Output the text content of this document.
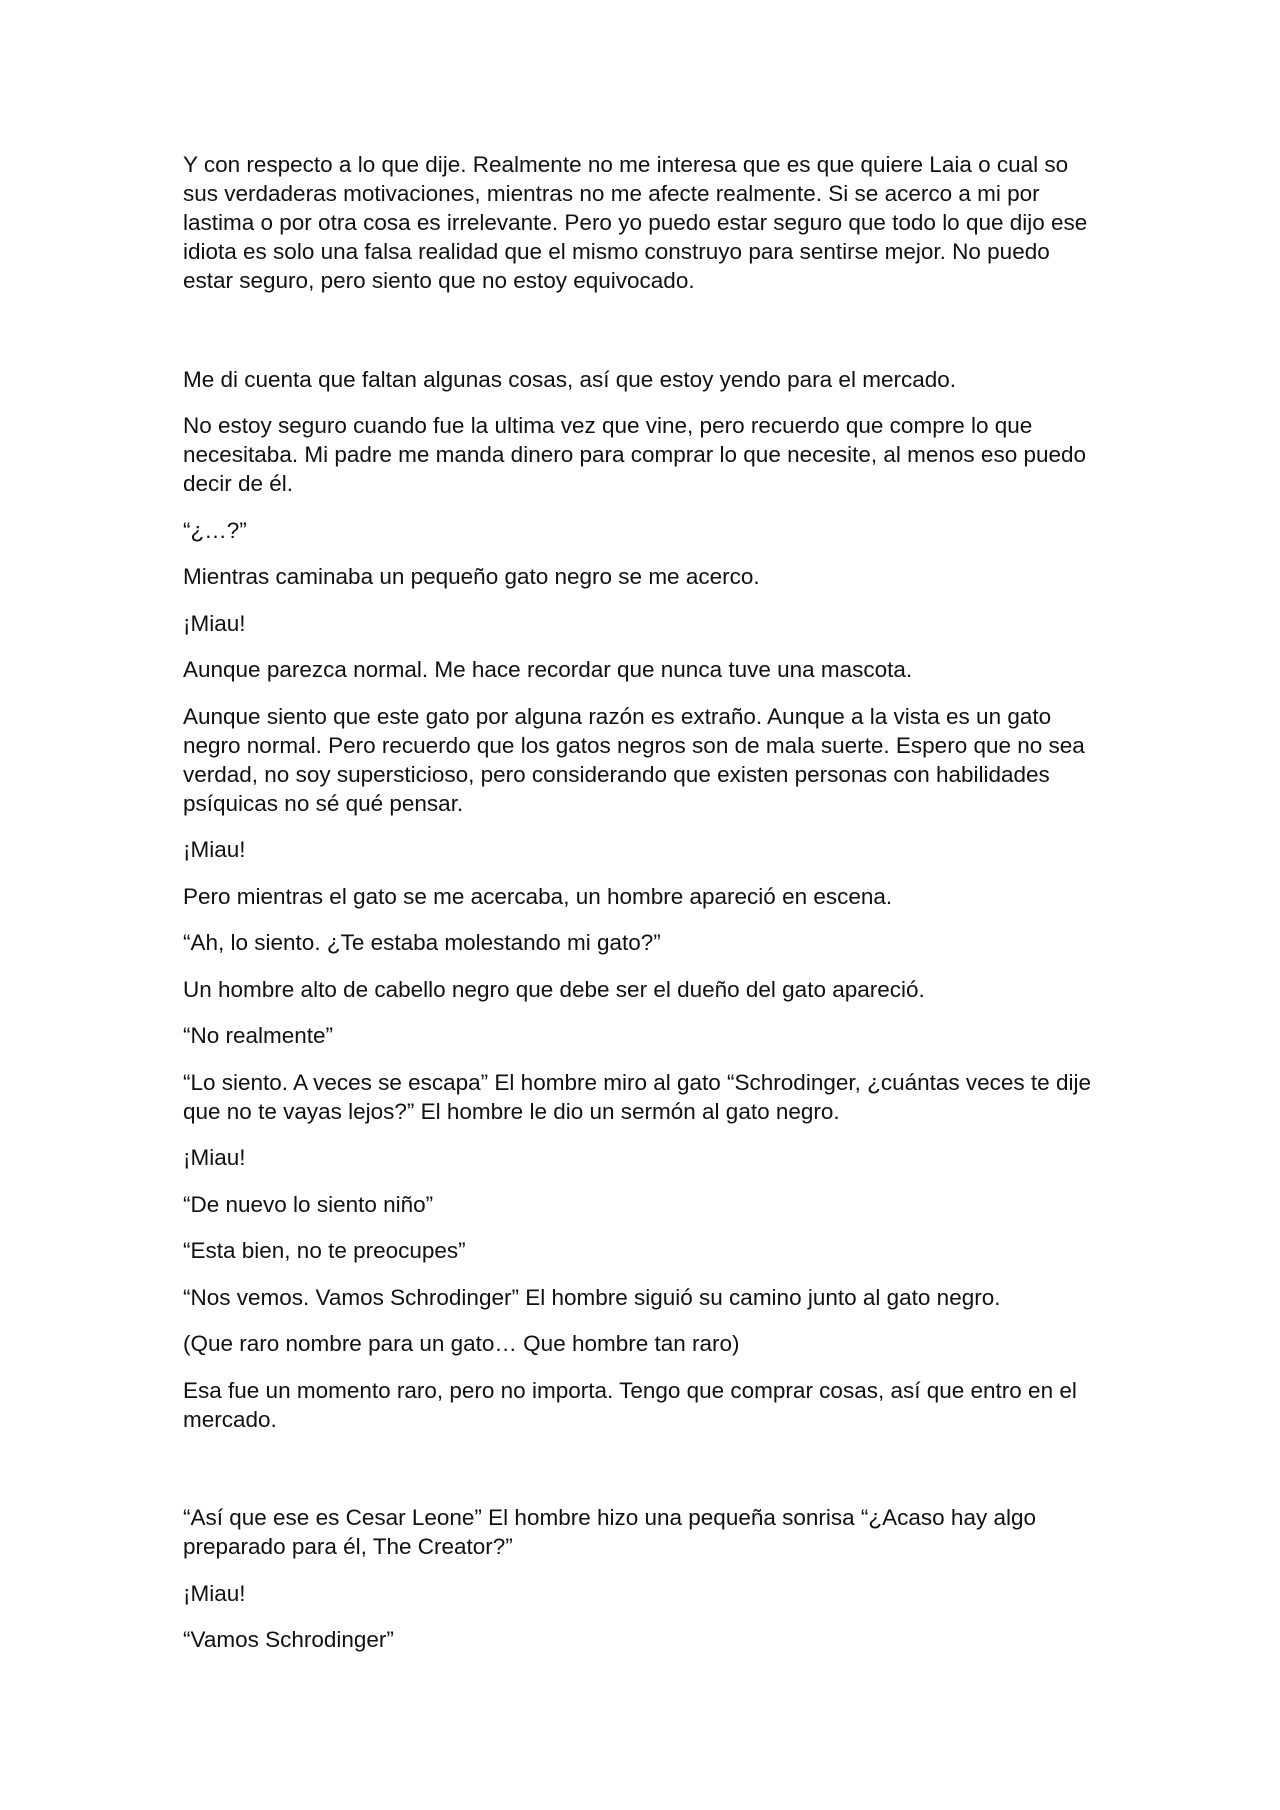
Y con respecto a lo que dije. Realmente no me interesa que es que quiere Laia o cual so sus verdaderas motivaciones, mientras no me afecte realmente. Si se acerco a mi por lastima o por otra cosa es irrelevante. Pero yo puedo estar seguro que todo lo que dijo ese idiota es solo una falsa realidad que el mismo construyo para sentirse mejor. No puedo estar seguro, pero siento que no estoy equivocado.

Me di cuenta que faltan algunas cosas, así que estoy yendo para el mercado.

No estoy seguro cuando fue la ultima vez que vine, pero recuerdo que compre lo que necesitaba. Mi padre me manda dinero para comprar lo que necesite, al menos eso puedo decir de él.

“¿…?”

Mientras caminaba un pequeño gato negro se me acerco.

¡Miau!

Aunque parezca normal. Me hace recordar que nunca tuve una mascota.

Aunque siento que este gato por alguna razón es extraño. Aunque a la vista es un gato negro normal. Pero recuerdo que los gatos negros son de mala suerte. Espero que no sea verdad, no soy supersticioso, pero considerando que existen personas con habilidades psíquicas no sé qué pensar.

¡Miau!

Pero mientras el gato se me acercaba, un hombre apareció en escena.

“Ah, lo siento. ¿Te estaba molestando mi gato?”

Un hombre alto de cabello negro que debe ser el dueño del gato apareció.

“No realmente”

“Lo siento. A veces se escapa” El hombre miro al gato “Schrodinger, ¿cuántas veces te dije que no te vayas lejos?” El hombre le dio un sermón al gato negro.

¡Miau!

“De nuevo lo siento niño”

“Esta bien, no te preocupes”

“Nos vemos. Vamos Schrodinger” El hombre siguió su camino junto al gato negro.

(Que raro nombre para un gato… Que hombre tan raro)

Esa fue un momento raro, pero no importa. Tengo que comprar cosas, así que entro en el mercado.

“Así que ese es Cesar Leone” El hombre hizo una pequeña sonrisa “¿Acaso hay algo preparado para él, The Creator?”

¡Miau!

“Vamos Schrodinger”
